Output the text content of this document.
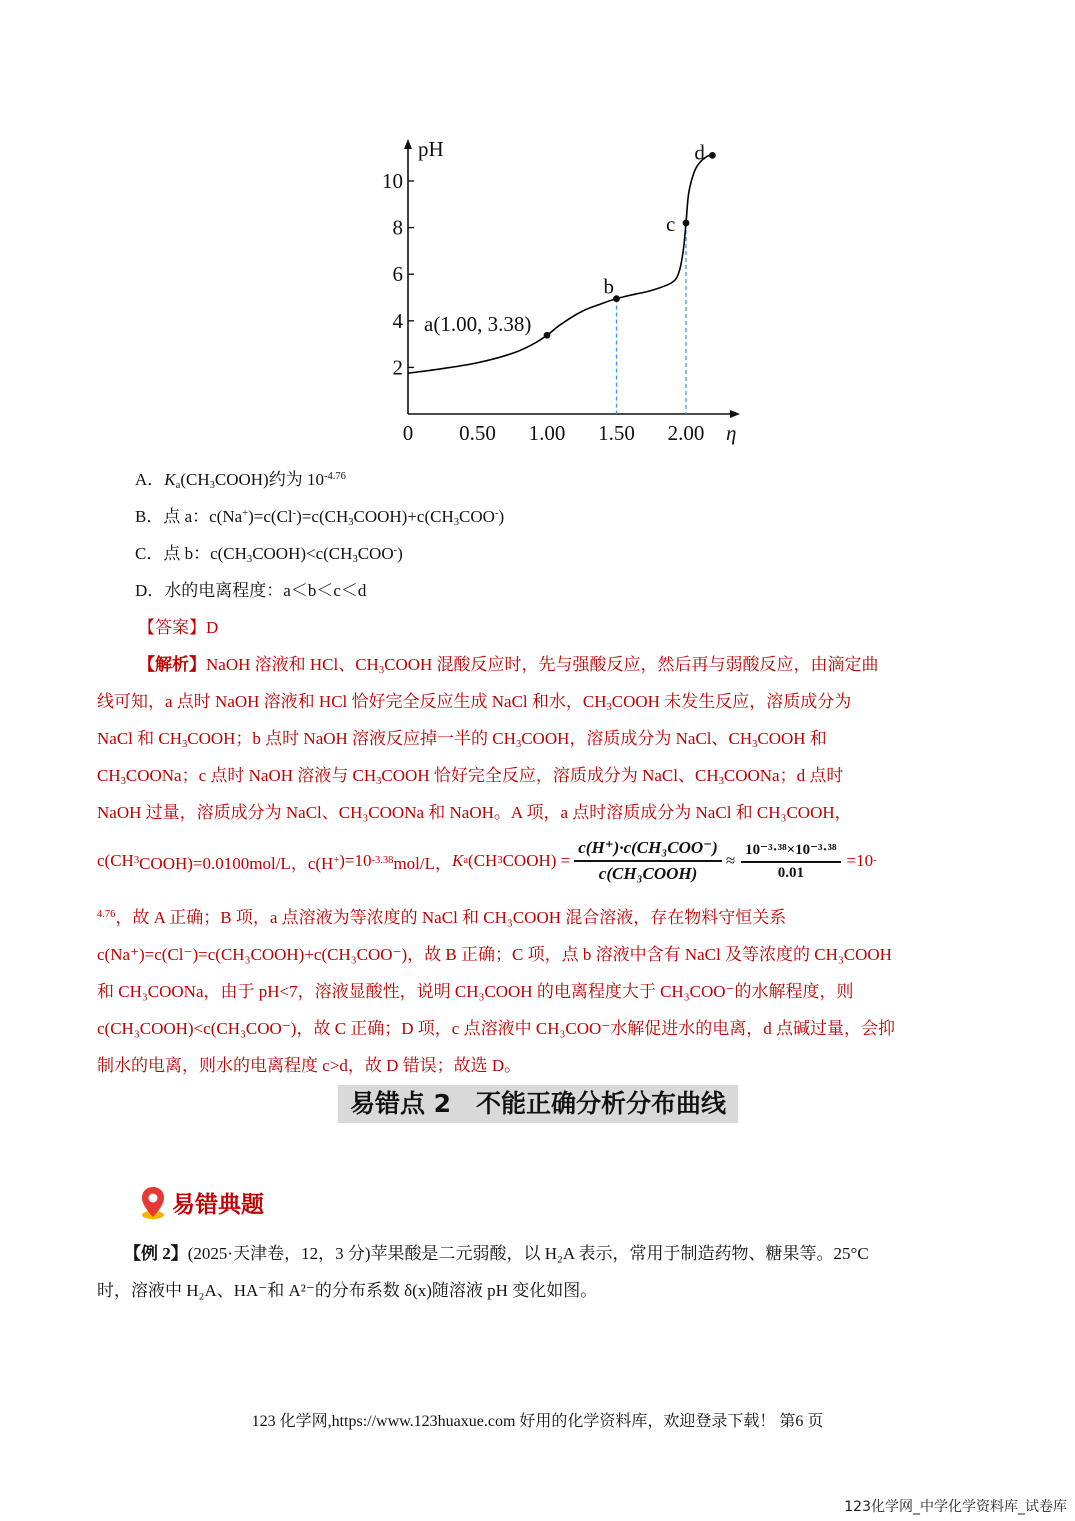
pH
η
0 0.50 1.00 1.50 2.00
2
4
6
8
10
a(1.00, 3.38)
b
c
d
A．$K_a(CH_3COOH)$约为 $10^{-4.76}$
B．点 a：$c(Na^+)=c(Cl^-)=c(CH_3COOH)+c(CH_3COO^-)$
C．点 b：$c(CH_3COOH)<c(CH_3COO^-)$
D．水的电离程度：a＜b＜c＜d
【答案】D
【解析】NaOH 溶液和 HCl、$CH_3COOH$ 混酸反应时，先与强酸反应，然后再与弱酸反应，由滴定曲
线可知，a 点时 NaOH 溶液和 HCl 恰好完全反应生成 NaCl 和水，$CH_3COOH$ 未发生反应，溶质成分为
NaCl 和 $CH_3COOH$；b 点时 NaOH 溶液反应掉一半的 $CH_3COOH$，溶质成分为 NaCl、$CH_3COOH$ 和
$CH_3COONa$；c 点时 NaOH 溶液与 $CH_3COOH$ 恰好完全反应，溶质成分为 NaCl、$CH_3COONa$；d 点时
NaOH 过量，溶质成分为 NaCl、CH₃COONa 和 NaOH。A 项，a 点时溶质成分为 NaCl 和 CH₃COOH，
c(CH 3 COOH)=0.0100mol/L，c(H + )=10 -3.38 mol/L， K a (CH 3 COOH) = $\frac{\text{c(H⁺)·c(CH₃COO⁻)}}{\text{c(CH₃COOH)}} \approx \frac{\text{10⁻³·³⁸×10⁻³·³⁸}}{0.01} =10$ -
$^{4.76}$，故 A 正确；B 项，a 点溶液为等浓度的 NaCl 和 CH₃COOH 混合溶液，存在物料守恒关系
c(Na⁺)=c(Cl⁻)=c(CH₃COOH)+c(CH₃COO⁻)，故 B 正确；C 项，点 b 溶液中含有 NaCl 及等浓度的 CH₃COOH
和 CH₃COONa，由于 pH<7，溶液显酸性，说明 CH₃COOH 的电离程度大于 CH₃COO⁻的水解程度，则
c(CH₃COOH)<c(CH₃COO⁻)，故 C 正确；D 项，c 点溶液中 CH₃COO⁻水解促进水的电离，d 点碱过量，会抑
制水的电离，则水的电离程度 c>d，故 D 错误；故选 D。
易错点 2　不能正确分析分布曲线
易错典题
【例 2】(2025·天津卷，12，3 分)苹果酸是二元弱酸，以 H₂A 表示，常用于制造药物、糖果等。25°C
时，溶液中 H₂A、HA⁻和 A²⁻的分布系数 δ(x)随溶液 pH 变化如图。
123 化学网,https://www.123huaxue.com 好用的化学资料库，欢迎登录下载！ 第6 页
123化学网_中学化学资料库_试卷库
